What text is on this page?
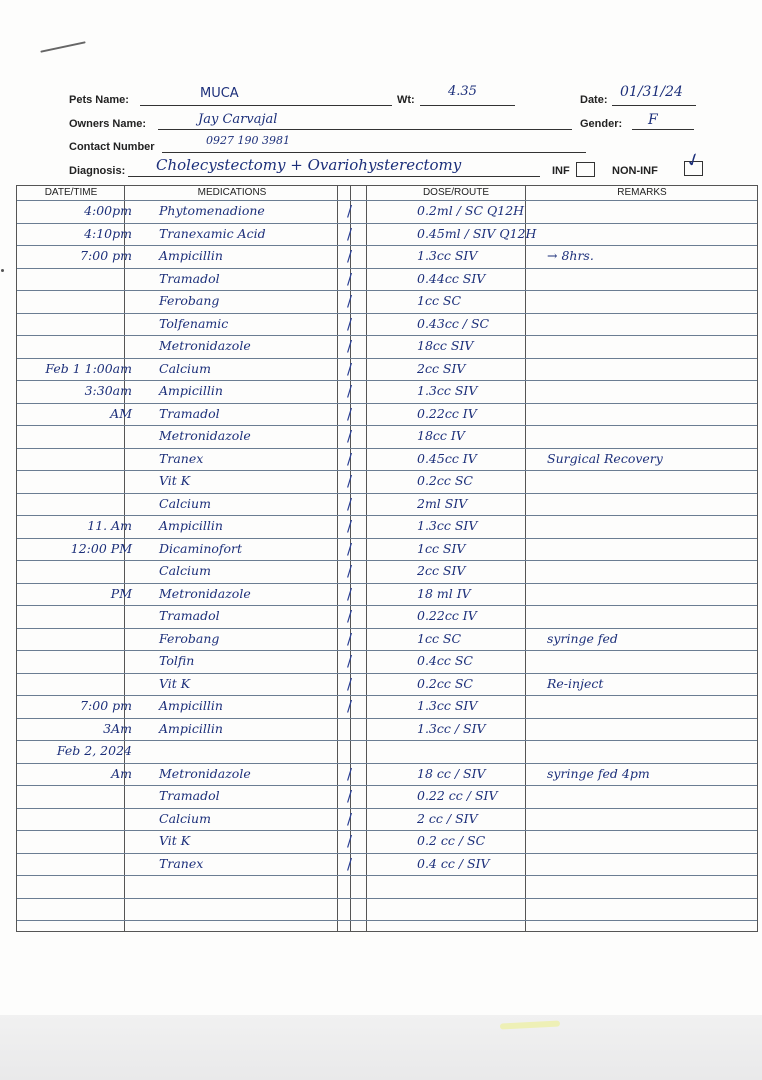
Pets Name:	MUCA	Wt:
4.35
Date: 01/31/24
Owners Name:	Jay Carvajal	Gender: F
Contact Number	0927 190 3981
Diagnosis: Cholecystectomy + Ovariohysterectomy	INF	NON-INF ✓
DATE/TIME	MEDICATIONS	DOSE/ROUTE	REMARKS
4:00pm Phytomenadione	/	0.2ml / SC Q12H
4:10pm Tranexamic Acid	/	0.45ml / SIV Q12H
7:00 pm Ampicillin	/	1.3cc SIV	→ 8hrs.
Tramadol	/	0.44cc SIV
Ferobang	/	1cc SC
Tolfenamic	/	0.43cc / SC
Metronidazole	/	18cc SIV
Feb 1 1:00am Calcium	/	2cc SIV
3:30am Ampicillin	/	1.3cc SIV
AM Tramadol	/	0.22cc IV
Metronidazole	/	18cc IV
Tranex	/	0.45cc IV	Surgical Recovery
Vit K	/	0.2cc SC
Calcium	/	2ml SIV
11. Am Ampicillin	/	1.3cc SIV
12:00 PM Dicaminofort	/	1cc SIV
Calcium	/	2cc SIV
PM Metronidazole	/	18 ml IV
Tramadol	/	0.22cc IV
Ferobang	/	1cc SC	syringe fed
Tolfin	/	0.4cc SC
Vit K	/	0.2cc SC	Re-inject
7:00 pm Ampicillin	/	1.3cc SIV
3Am Ampicillin	1.3cc / SIV
Feb 2, 2024
Am Metronidazole	/	18 cc / SIV	syringe fed 4pm
Tramadol	/	0.22 cc / SIV
Calcium	/	2 cc / SIV
Vit K	/	0.2 cc / SC
Tranex	/	0.4 cc / SIV
